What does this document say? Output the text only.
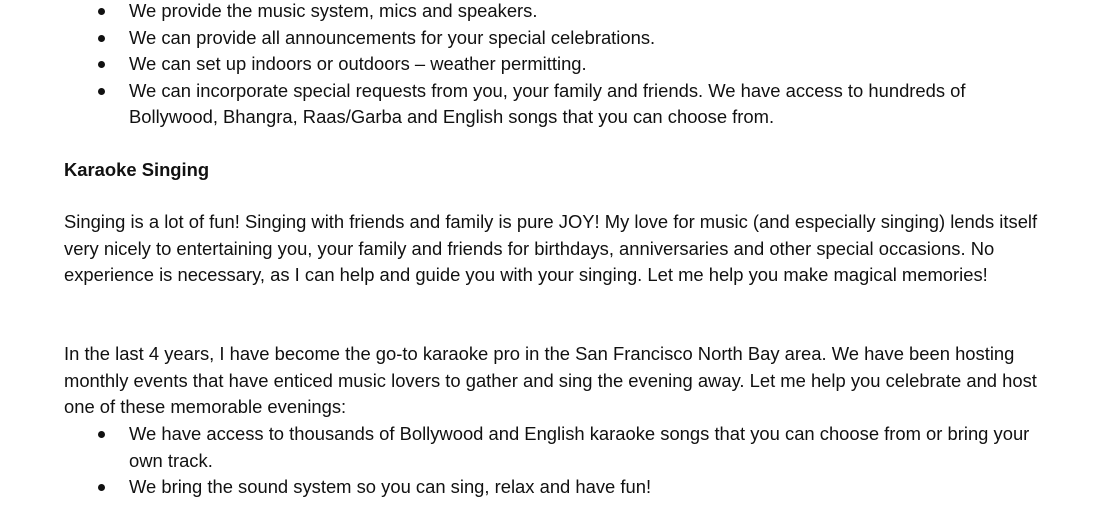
We provide the music system, mics and speakers.
We can provide all announcements for your special celebrations.
We can set up indoors or outdoors – weather permitting.
We can incorporate special requests from you, your family and friends. We have access to hundreds of Bollywood, Bhangra, Raas/Garba and English songs that you can choose from.
Karaoke Singing

Singing is a lot of fun! Singing with friends and family is pure JOY! My love for music (and especially singing) lends itself very nicely to entertaining you, your family and friends for birthdays, anniversaries and other special occasions. No experience is necessary, as I can help and guide you with your singing. Let me help you make magical memories!

In the last 4 years, I have become the go-to karaoke pro in the San Francisco North Bay area. We have been hosting monthly events that have enticed music lovers to gather and sing the evening away. Let me help you celebrate and host one of these memorable evenings:

We have access to thousands of Bollywood and English karaoke songs that you can choose from or bring your own track.
We bring the sound system so you can sing, relax and have fun!
